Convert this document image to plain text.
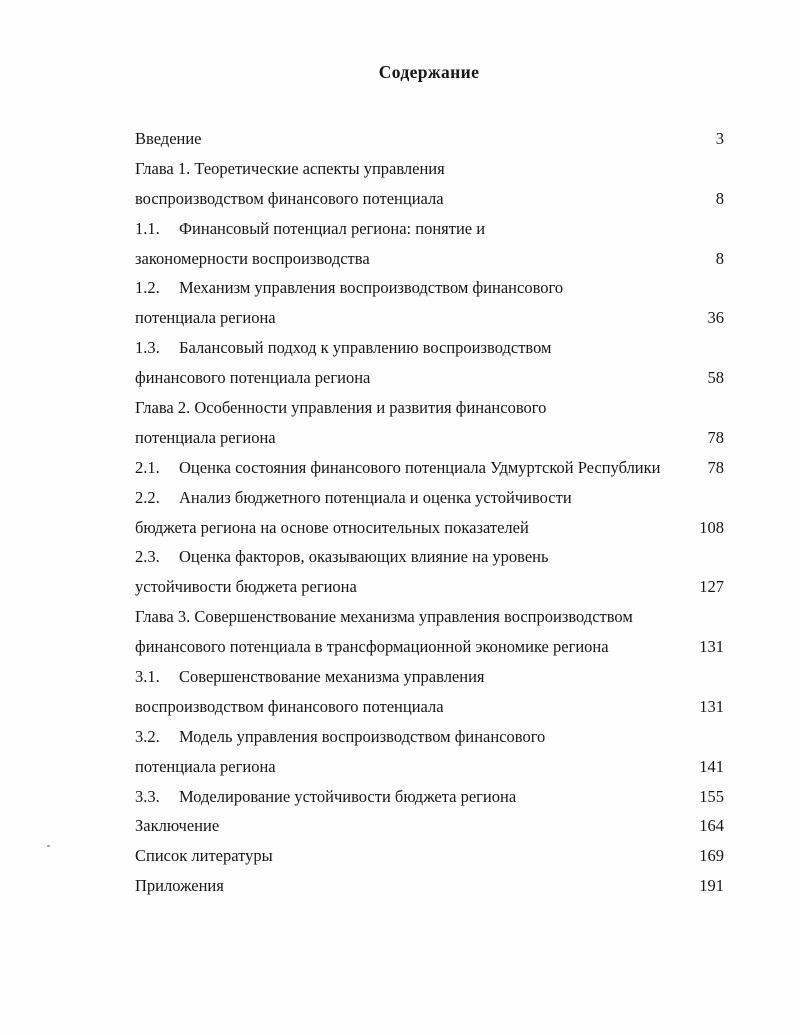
Содержание
Введение	3
Глава 1. Теоретические аспекты управления
воспроизводством финансового потенциала	8
1.1.	Финансовый потенциал региона: понятие и
закономерности воспроизводства	8
1.2.	Механизм управления воспроизводством финансового
потенциала региона	36
1.3.	Балансовый подход к управлению воспроизводством
финансового потенциала региона	58
Глава 2. Особенности управления и развития финансового
потенциала региона	78
2.1.	Оценка состояния финансового потенциала Удмуртской Республики	78
2.2.	Анализ бюджетного потенциала и оценка устойчивости
бюджета региона на основе относительных показателей	108
2.3.	Оценка факторов, оказывающих влияние на уровень
устойчивости бюджета региона	127
Глава 3. Совершенствование механизма управления воспроизводством
финансового потенциала в трансформационной экономике региона	131
3.1.	Совершенствование механизма управления
воспроизводством финансового потенциала	131
3.2.	Модель управления воспроизводством финансового
потенциала региона	141
3.3.	Моделирование устойчивости бюджета региона	155
Заключение	164
Список литературы	169
Приложения	191
